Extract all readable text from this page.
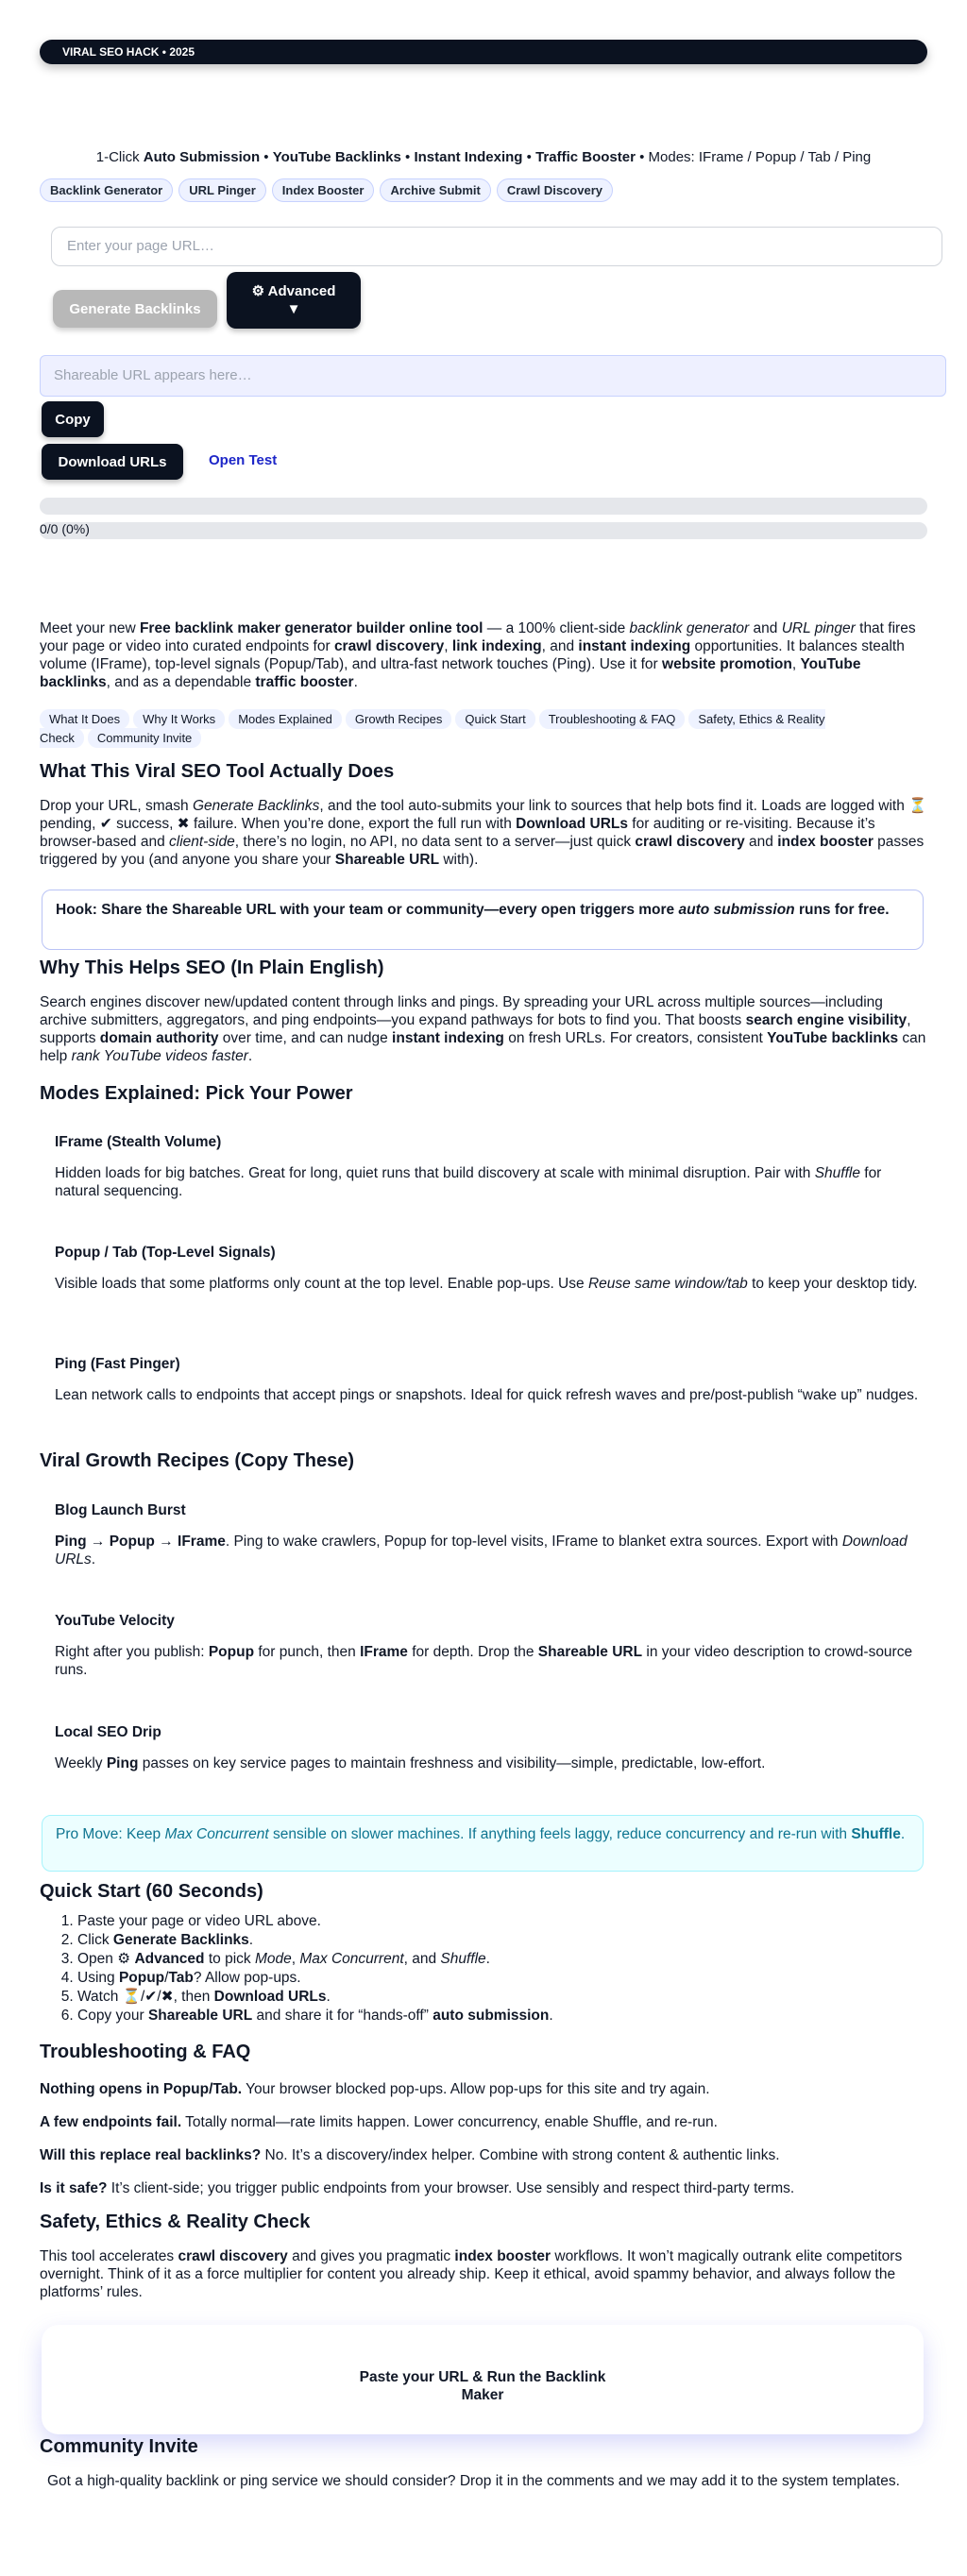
VIRAL SEO HACK • 2025
1-Click Auto Submission • YouTube Backlinks • Instant Indexing • Traffic Booster • Modes: IFrame / Popup / Tab / Ping
Backlink Generator	URL Pinger	Index Booster	Archive Submit	Crawl Discovery
Enter your page URL…
Generate Backlinks
⚙ Advanced
▼
Shareable URL appears here…
Copy
Download URLs	Open Test
0/0 (0%)
Meet your new Free backlink maker generator builder online tool — a 100% client-side backlink generator and URL pinger that fires your page or video into curated endpoints for crawl discovery, link indexing, and instant indexing opportunities. It balances stealth volume (IFrame), top-level signals (Popup/Tab), and ultra-fast network touches (Ping). Use it for website promotion, YouTube backlinks, and as a dependable traffic booster.
What It Does Why It Works Modes Explained Growth Recipes Quick Start Troubleshooting & FAQ Safety, Ethics & Reality Check Community Invite
What This Viral SEO Tool Actually Does
Drop your URL, smash Generate Backlinks, and the tool auto-submits your link to sources that help bots find it. Loads are logged with ⏳ pending, ✔ success, ✖ failure. When you’re done, export the full run with Download URLs for auditing or re-visiting. Because it’s browser-based and client-side, there’s no login, no API, no data sent to a server—just quick crawl discovery and index booster passes triggered by you (and anyone you share your Shareable URL with).
Hook: Share the Shareable URL with your team or community—every open triggers more auto submission runs for free.
Why This Helps SEO (In Plain English)
Search engines discover new/updated content through links and pings. By spreading your URL across multiple sources—including archive submitters, aggregators, and ping endpoints—you expand pathways for bots to find you. That boosts search engine visibility, supports domain authority over time, and can nudge instant indexing on fresh URLs. For creators, consistent YouTube backlinks can help rank YouTube videos faster.
Modes Explained: Pick Your Power
IFrame (Stealth Volume)
Hidden loads for big batches. Great for long, quiet runs that build discovery at scale with minimal disruption. Pair with Shuffle for natural sequencing.
Popup / Tab (Top-Level Signals)
Visible loads that some platforms only count at the top level. Enable pop-ups. Use Reuse same window/tab to keep your desktop tidy.
Ping (Fast Pinger)
Lean network calls to endpoints that accept pings or snapshots. Ideal for quick refresh waves and pre/post-publish “wake up” nudges.
Viral Growth Recipes (Copy These)
Blog Launch Burst
Ping → Popup → IFrame. Ping to wake crawlers, Popup for top-level visits, IFrame to blanket extra sources. Export with Download URLs.
YouTube Velocity
Right after you publish: Popup for punch, then IFrame for depth. Drop the Shareable URL in your video description to crowd-source runs.
Local SEO Drip
Weekly Ping passes on key service pages to maintain freshness and visibility—simple, predictable, low-effort.
Pro Move: Keep Max Concurrent sensible on slower machines. If anything feels laggy, reduce concurrency and re-run with Shuffle.
Quick Start (60 Seconds)
1. Paste your page or video URL above.
2. Click Generate Backlinks.
3. Open ⚙ Advanced to pick Mode, Max Concurrent, and Shuffle.
4. Using Popup/Tab? Allow pop-ups.
5. Watch ⏳/✔/✖, then Download URLs.
6. Copy your Shareable URL and share it for “hands-off” auto submission.
Troubleshooting & FAQ
Nothing opens in Popup/Tab. Your browser blocked pop-ups. Allow pop-ups for this site and try again.
A few endpoints fail. Totally normal—rate limits happen. Lower concurrency, enable Shuffle, and re-run.
Will this replace real backlinks? No. It’s a discovery/index helper. Combine with strong content & authentic links.
Is it safe? It’s client-side; you trigger public endpoints from your browser. Use sensibly and respect third-party terms.
Safety, Ethics & Reality Check
This tool accelerates crawl discovery and gives you pragmatic index booster workflows. It won’t magically outrank elite competitors overnight. Think of it as a force multiplier for content you already ship. Keep it ethical, avoid spammy behavior, and always follow the platforms’ rules.
Paste your URL & Run the Backlink
Maker
Community Invite
Got a high-quality backlink or ping service we should consider? Drop it in the comments and we may add it to the system templates.
